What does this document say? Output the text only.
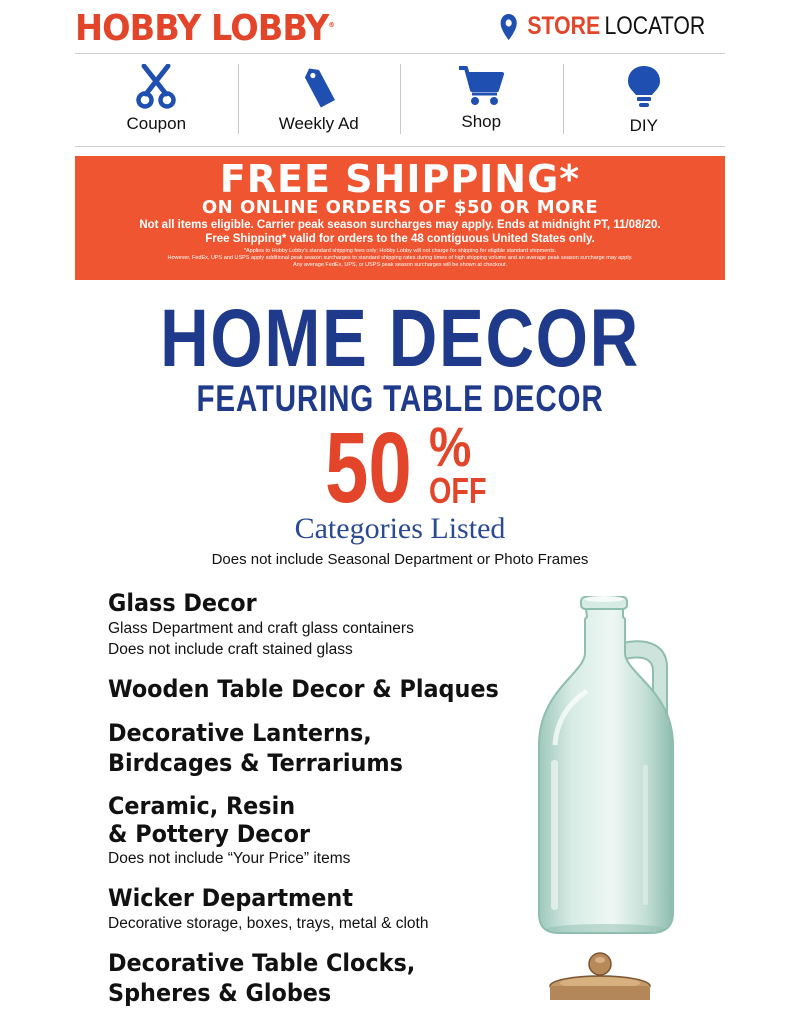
HOBBY LOBBY®	STORE LOCATOR
Coupon	Weekly Ad	Shop	DIY
FREE SHIPPING*
ON ONLINE ORDERS OF $50 OR MORE
Not all items eligible. Carrier peak season surcharges may apply. Ends at midnight PT, 11/08/20.
Free Shipping* valid for orders to the 48 contiguous United States only.
*Applies to Hobby Lobby's standard shipping fees only; Hobby Lobby will not charge for shipping for eligible standard shipments.
However, FedEx, UPS and USPS apply additional peak season surcharges to standard shipping rates during times of high shipping volume and an average peak season surcharge may apply.
Any average FedEx, UPS, or USPS peak season surcharges will be shown at checkout.
HOME DECOR
FEATURING TABLE DECOR
50 %
OFF
Categories Listed
Does not include Seasonal Department or Photo Frames
Glass Decor
Glass Department and craft glass containers
Does not include craft stained glass
Wooden Table Decor & Plaques
Decorative Lanterns,
Birdcages & Terrariums
Ceramic, Resin
& Pottery Decor
Does not include “Your Price” items
Wicker Department
Decorative storage, boxes, trays, metal & cloth
Decorative Table Clocks,
Spheres & Globes
